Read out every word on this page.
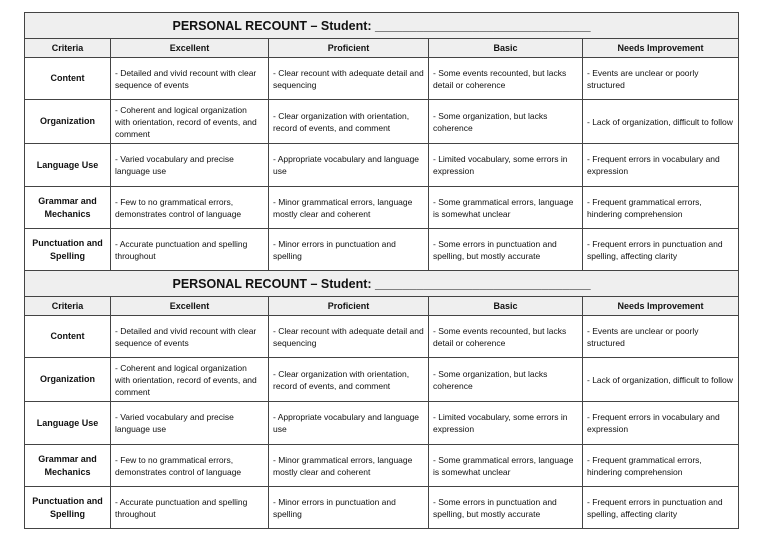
PERSONAL RECOUNT – Student: _______________________________				
Criteria	Excellent	Proficient	Basic	Needs Improvement
Content	- Detailed and vivid recount with clear sequence of events	- Clear recount with adequate detail and sequencing	- Some events recounted, but lacks detail or coherence	- Events are unclear or poorly structured
Organization	- Coherent and logical organization with orientation, record of events, and comment	- Clear organization with orientation, record of events, and comment	- Some organization, but lacks coherence	- Lack of organization, difficult to follow
Language Use	- Varied vocabulary and precise language use	- Appropriate vocabulary and language use	- Limited vocabulary, some errors in expression	- Frequent errors in vocabulary and expression
Grammar and Mechanics	- Few to no grammatical errors, demonstrates control of language	- Minor grammatical errors, language mostly clear and coherent	- Some grammatical errors, language is somewhat unclear	- Frequent grammatical errors, hindering comprehension
Punctuation and Spelling	- Accurate punctuation and spelling throughout	- Minor errors in punctuation and spelling	- Some errors in punctuation and spelling, but mostly accurate	- Frequent errors in punctuation and spelling, affecting clarity
PERSONAL RECOUNT – Student: _______________________________				
Criteria	Excellent	Proficient	Basic	Needs Improvement
Content	- Detailed and vivid recount with clear sequence of events	- Clear recount with adequate detail and sequencing	- Some events recounted, but lacks detail or coherence	- Events are unclear or poorly structured
Organization	- Coherent and logical organization with orientation, record of events, and comment	- Clear organization with orientation, record of events, and comment	- Some organization, but lacks coherence	- Lack of organization, difficult to follow
Language Use	- Varied vocabulary and precise language use	- Appropriate vocabulary and language use	- Limited vocabulary, some errors in expression	- Frequent errors in vocabulary and expression
Grammar and Mechanics	- Few to no grammatical errors, demonstrates control of language	- Minor grammatical errors, language mostly clear and coherent	- Some grammatical errors, language is somewhat unclear	- Frequent grammatical errors, hindering comprehension
Punctuation and Spelling	- Accurate punctuation and spelling throughout	- Minor errors in punctuation and spelling	- Some errors in punctuation and spelling, but mostly accurate	- Frequent errors in punctuation and spelling, affecting clarity
